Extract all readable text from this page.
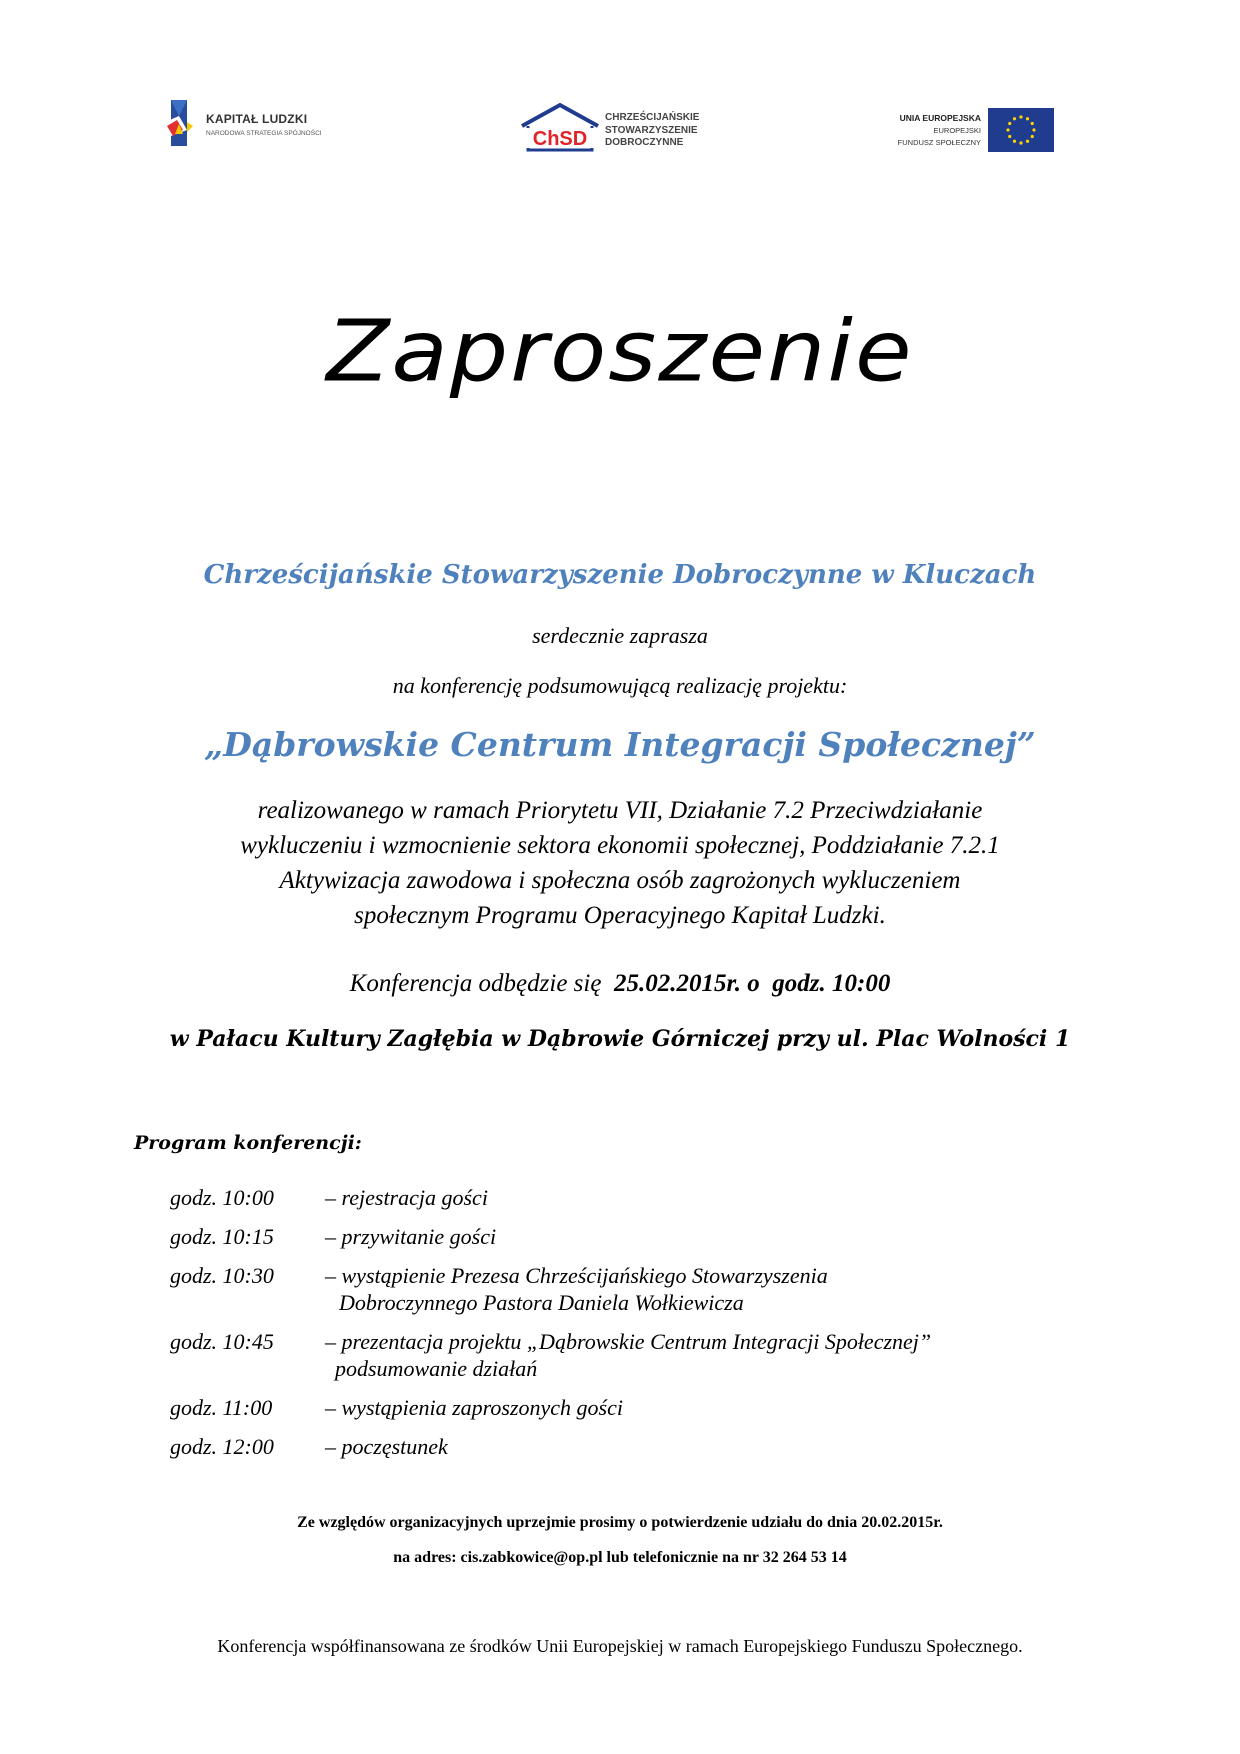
KAPITAŁ LUDZKI
NARODOWA STRATEGIA SPÓJNOŚCI	ChSD
CHRZEŚCIJAŃSKIE
STOWARZYSZENIE
DOBROCZYNNE
UNIA EUROPEJSKA
EUROPEJSKI
FUNDUSZ SPOŁECZNY
Zaproszenie
Chrześcijańskie Stowarzyszenie Dobroczynne w Kluczach
serdecznie zaprasza
na konferencję podsumowującą realizację projektu:
„Dąbrowskie Centrum Integracji Społecznej”
realizowanego w ramach Priorytetu VII, Działanie 7.2 Przeciwdziałanie
wykluczeniu i wzmocnienie sektora ekonomii społecznej, Poddziałanie 7.2.1
Aktywizacja zawodowa i społeczna osób zagrożonych wykluczeniem
społecznym Programu Operacyjnego Kapitał Ludzki.
Konferencja odbędzie się 25.02.2015r. o godz. 10:00
w Pałacu Kultury Zagłębia w Dąbrowie Górniczej przy ul. Plac Wolności 1
Program konferencji:
godz. 10:00 – rejestracja gości
godz. 10:15 – przywitanie gości
godz. 10:30 – wystąpienie Prezesa Chrześcijańskiego Stowarzyszenia
Dobroczynnego Pastora Daniela Wołkiewicza
godz. 10:45 – prezentacja projektu „Dąbrowskie Centrum Integracji Społecznej”
podsumowanie działań
godz. 11:00 – wystąpienia zaproszonych gości
godz. 12:00 – poczęstunek
Ze względów organizacyjnych uprzejmie prosimy o potwierdzenie udziału do dnia 20.02.2015r.
na adres: cis.zabkowice@op.pl lub telefonicznie na nr 32 264 53 14
Konferencja współfinansowana ze środków Unii Europejskiej w ramach Europejskiego Funduszu Społecznego.
